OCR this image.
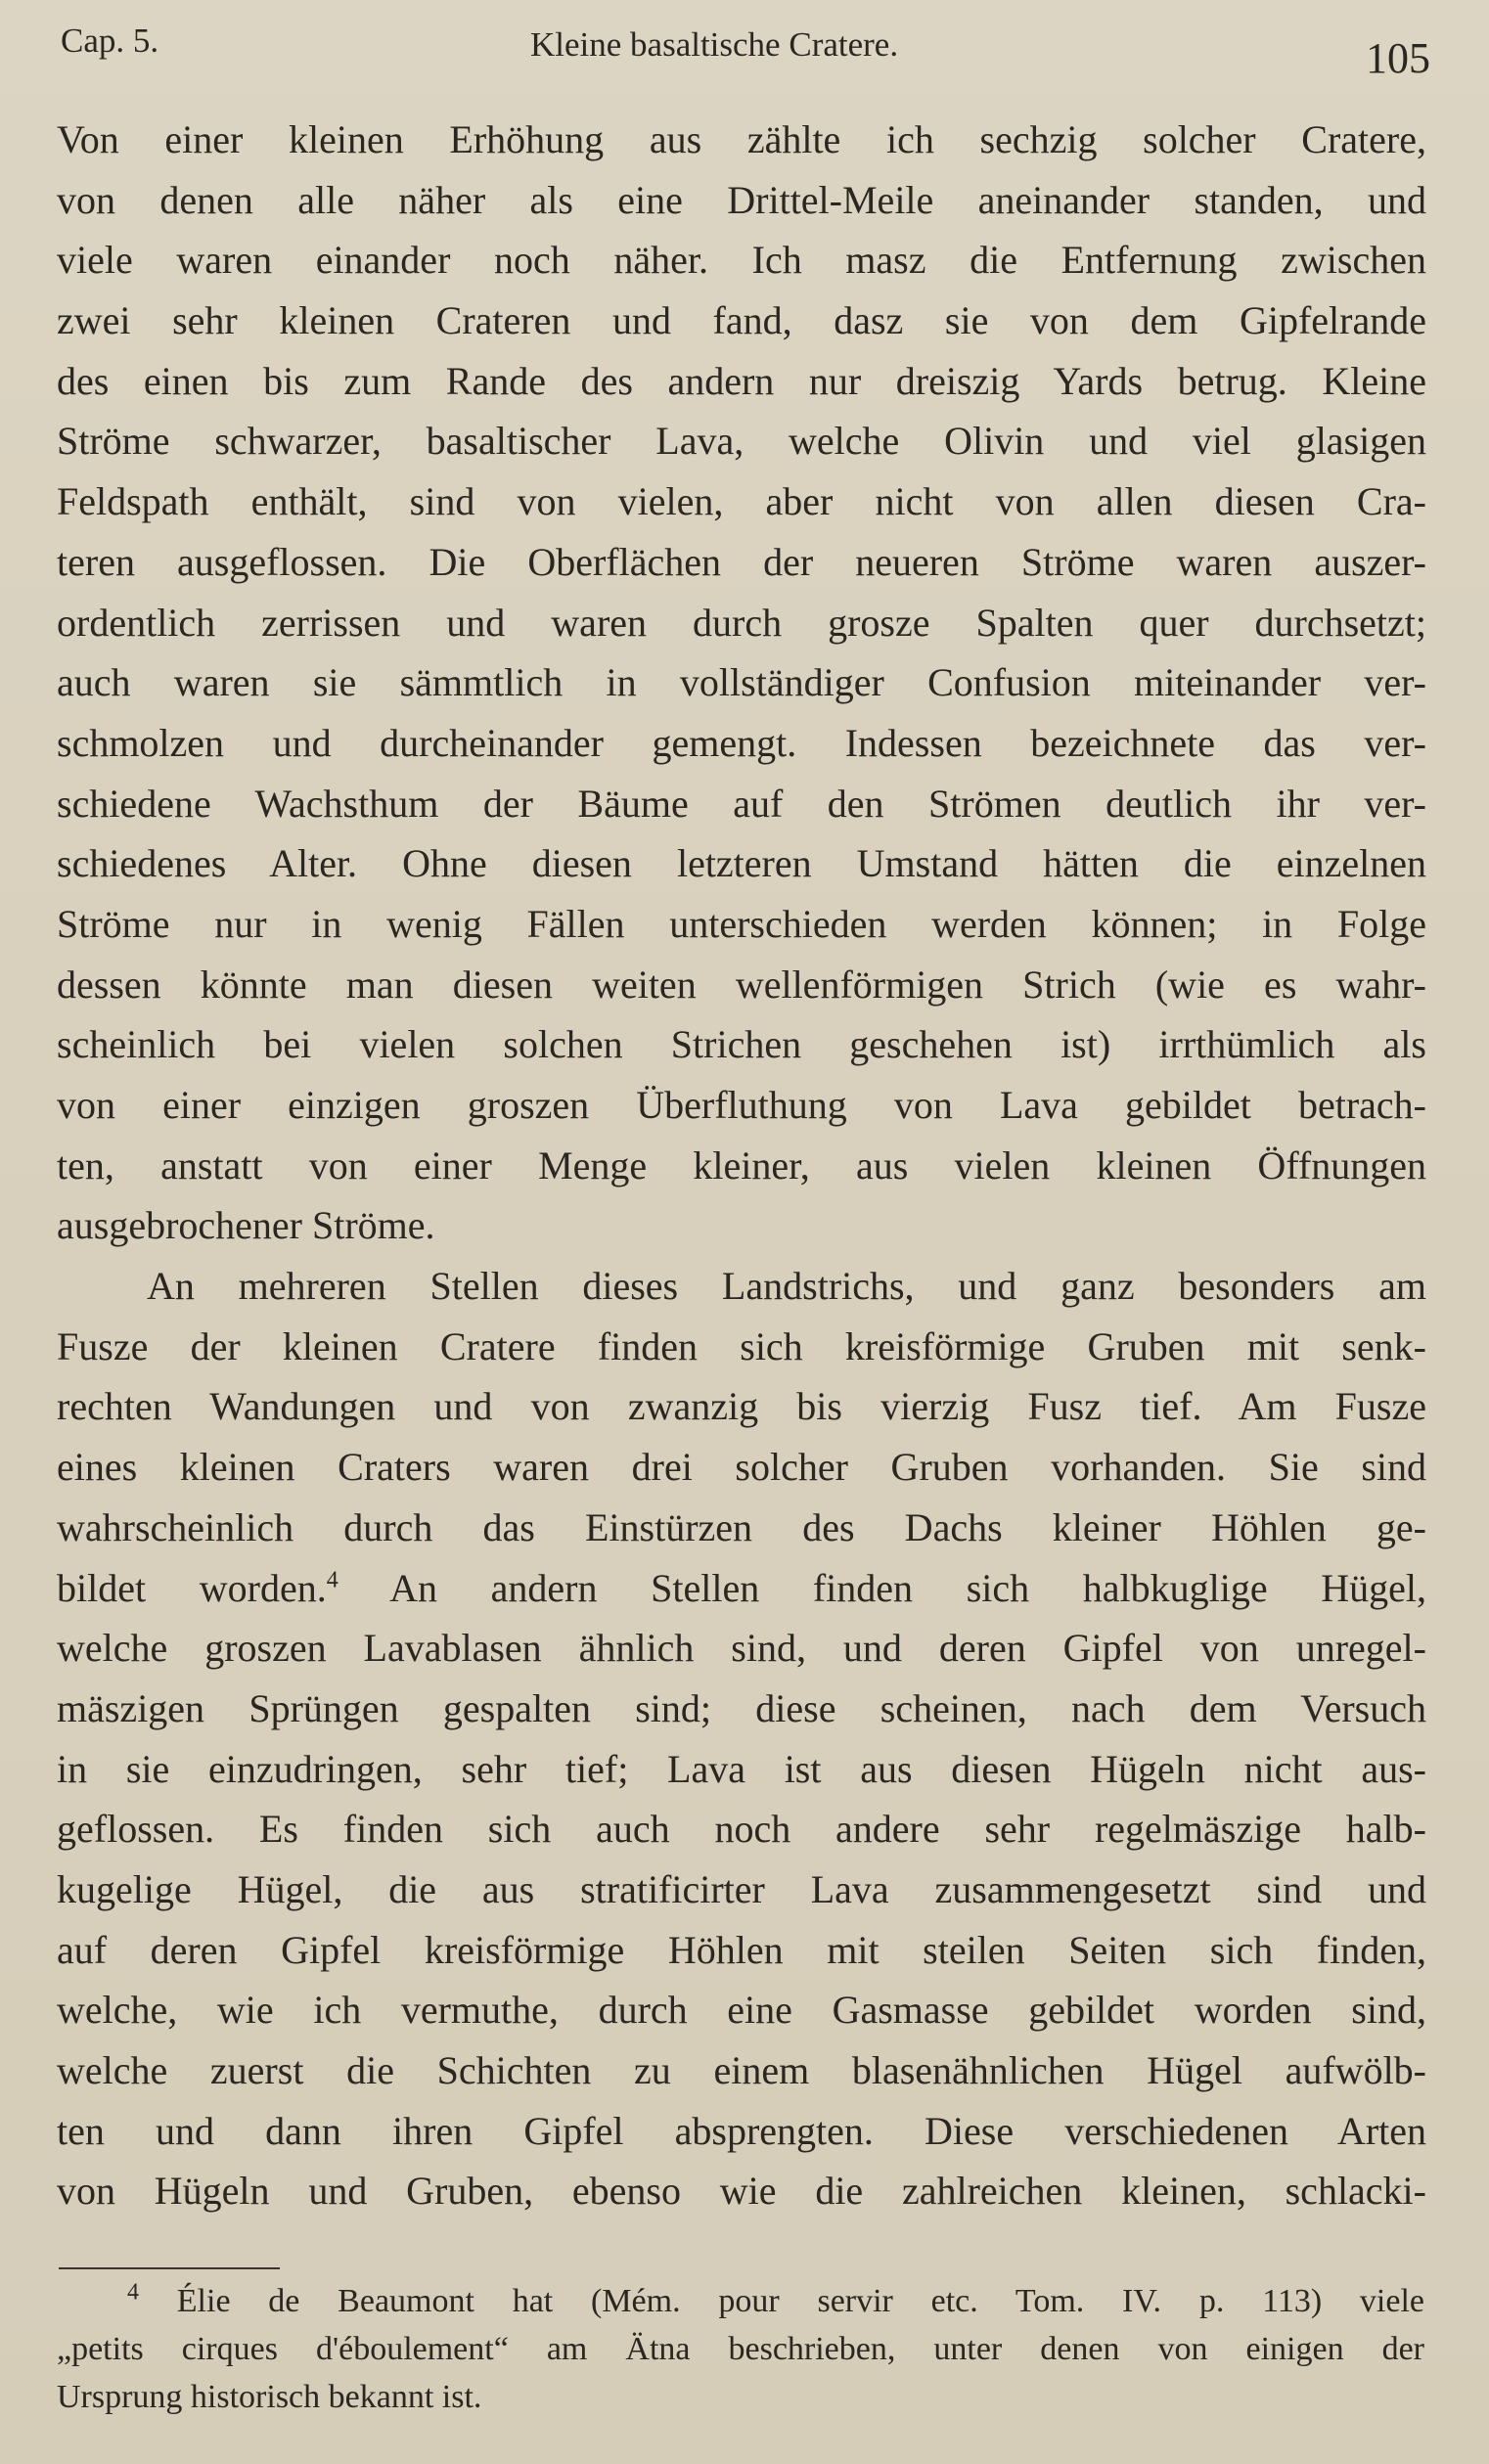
Cap. 5.	Kleine basaltische Cratere.	105
Von einer kleinen Erhöhung aus zählte ich sechzig solcher Cratere,
von denen alle näher als eine Drittel-Meile aneinander standen, und
viele waren einander noch näher. Ich masz die Entfernung zwischen
zwei sehr kleinen Crateren und fand, dasz sie von dem Gipfelrande
des einen bis zum Rande des andern nur dreiszig Yards betrug. Kleine
Ströme schwarzer, basaltischer Lava, welche Olivin und viel glasigen
Feldspath enthält, sind von vielen, aber nicht von allen diesen Cra-
teren ausgeflossen. Die Oberflächen der neueren Ströme waren auszer-
ordentlich zerrissen und waren durch grosze Spalten quer durchsetzt;
auch waren sie sämmtlich in vollständiger Confusion miteinander ver-
schmolzen und durcheinander gemengt. Indessen bezeichnete das ver-
schiedene Wachsthum der Bäume auf den Strömen deutlich ihr ver-
schiedenes Alter. Ohne diesen letzteren Umstand hätten die einzelnen
Ströme nur in wenig Fällen unterschieden werden können; in Folge
dessen könnte man diesen weiten wellenförmigen Strich (wie es wahr-
scheinlich bei vielen solchen Strichen geschehen ist) irrthümlich als
von einer einzigen groszen Überfluthung von Lava gebildet betrach-
ten, anstatt von einer Menge kleiner, aus vielen kleinen Öffnungen
ausgebrochener Ströme.
An mehreren Stellen dieses Landstrichs, und ganz besonders am
Fusze der kleinen Cratere finden sich kreisförmige Gruben mit senk-
rechten Wandungen und von zwanzig bis vierzig Fusz tief. Am Fusze
eines kleinen Craters waren drei solcher Gruben vorhanden. Sie sind
wahrscheinlich durch das Einstürzen des Dachs kleiner Höhlen ge-
bildet worden.$^4$ An andern Stellen finden sich halbkuglige Hügel,
welche groszen Lavablasen ähnlich sind, und deren Gipfel von unregel-
mäszigen Sprüngen gespalten sind; diese scheinen, nach dem Versuch
in sie einzudringen, sehr tief; Lava ist aus diesen Hügeln nicht aus-
geflossen. Es finden sich auch noch andere sehr regelmäszige halb-
kugelige Hügel, die aus stratificirter Lava zusammengesetzt sind und
auf deren Gipfel kreisförmige Höhlen mit steilen Seiten sich finden,
welche, wie ich vermuthe, durch eine Gasmasse gebildet worden sind,
welche zuerst die Schichten zu einem blasenähnlichen Hügel aufwölb-
ten und dann ihren Gipfel absprengten. Diese verschiedenen Arten
von Hügeln und Gruben, ebenso wie die zahlreichen kleinen, schlacki-
$^4$ Élie de Beaumont hat (Mém. pour servir etc. Tom. IV. p. 113) viele
„petits cirques d'éboulement“ am Ätna beschrieben, unter denen von einigen der
Ursprung historisch bekannt ist.
